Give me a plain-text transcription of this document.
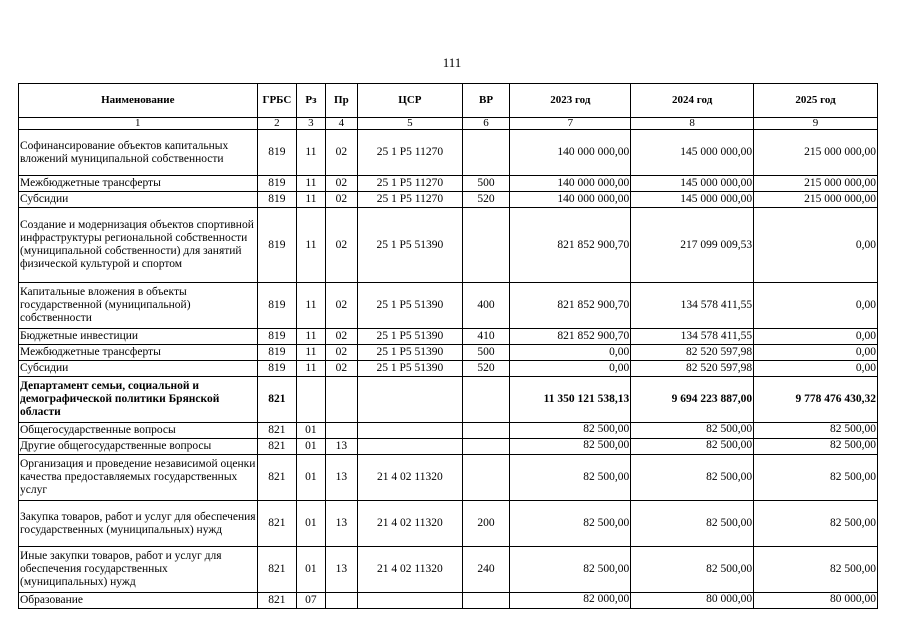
111
Наименование	ГРБС	Рз	Пр	ЦСР	ВР	2023 год	2024 год	2025 год
1	2	3	4	5	6	7	8	9
Софинансирование объектов капитальных вложений муниципальной собственности	819	11	02	25 1 P5 11270		140 000 000,00	145 000 000,00	215 000 000,00
Межбюджетные трансферты	819	11	02	25 1 P5 11270	500	140 000 000,00	145 000 000,00	215 000 000,00
Субсидии	819	11	02	25 1 P5 11270	520	140 000 000,00	145 000 000,00	215 000 000,00
Создание и модернизация объектов спортивной инфраструктуры региональной собственности (муниципальной собственности) для занятий физической культурой и спортом	819	11	02	25 1 P5 51390		821 852 900,70	217 099 009,53	0,00
Капитальные вложения в объекты государственной (муниципальной) собственности	819	11	02	25 1 P5 51390	400	821 852 900,70	134 578 411,55	0,00
Бюджетные инвестиции	819	11	02	25 1 P5 51390	410	821 852 900,70	134 578 411,55	0,00
Межбюджетные трансферты	819	11	02	25 1 P5 51390	500	0,00	82 520 597,98	0,00
Субсидии	819	11	02	25 1 P5 51390	520	0,00	82 520 597,98	0,00
Департамент семьи, социальной и демографической политики Брянской области	821					11 350 121 538,13	9 694 223 887,00	9 778 476 430,32
Общегосударственные вопросы	821	01				82 500,00	82 500,00	82 500,00
Другие общегосударственные вопросы	821	01	13			82 500,00	82 500,00	82 500,00
Организация и проведение независимой оценки качества предоставляемых государственных услуг	821	01	13	21 4 02 11320		82 500,00	82 500,00	82 500,00
Закупка товаров, работ и услуг для обеспечения государственных (муниципальных) нужд	821	01	13	21 4 02 11320	200	82 500,00	82 500,00	82 500,00
Иные закупки товаров, работ и услуг для обеспечения государственных (муниципальных) нужд	821	01	13	21 4 02 11320	240	82 500,00	82 500,00	82 500,00
Образование	821	07				82 000,00	80 000,00	80 000,00
